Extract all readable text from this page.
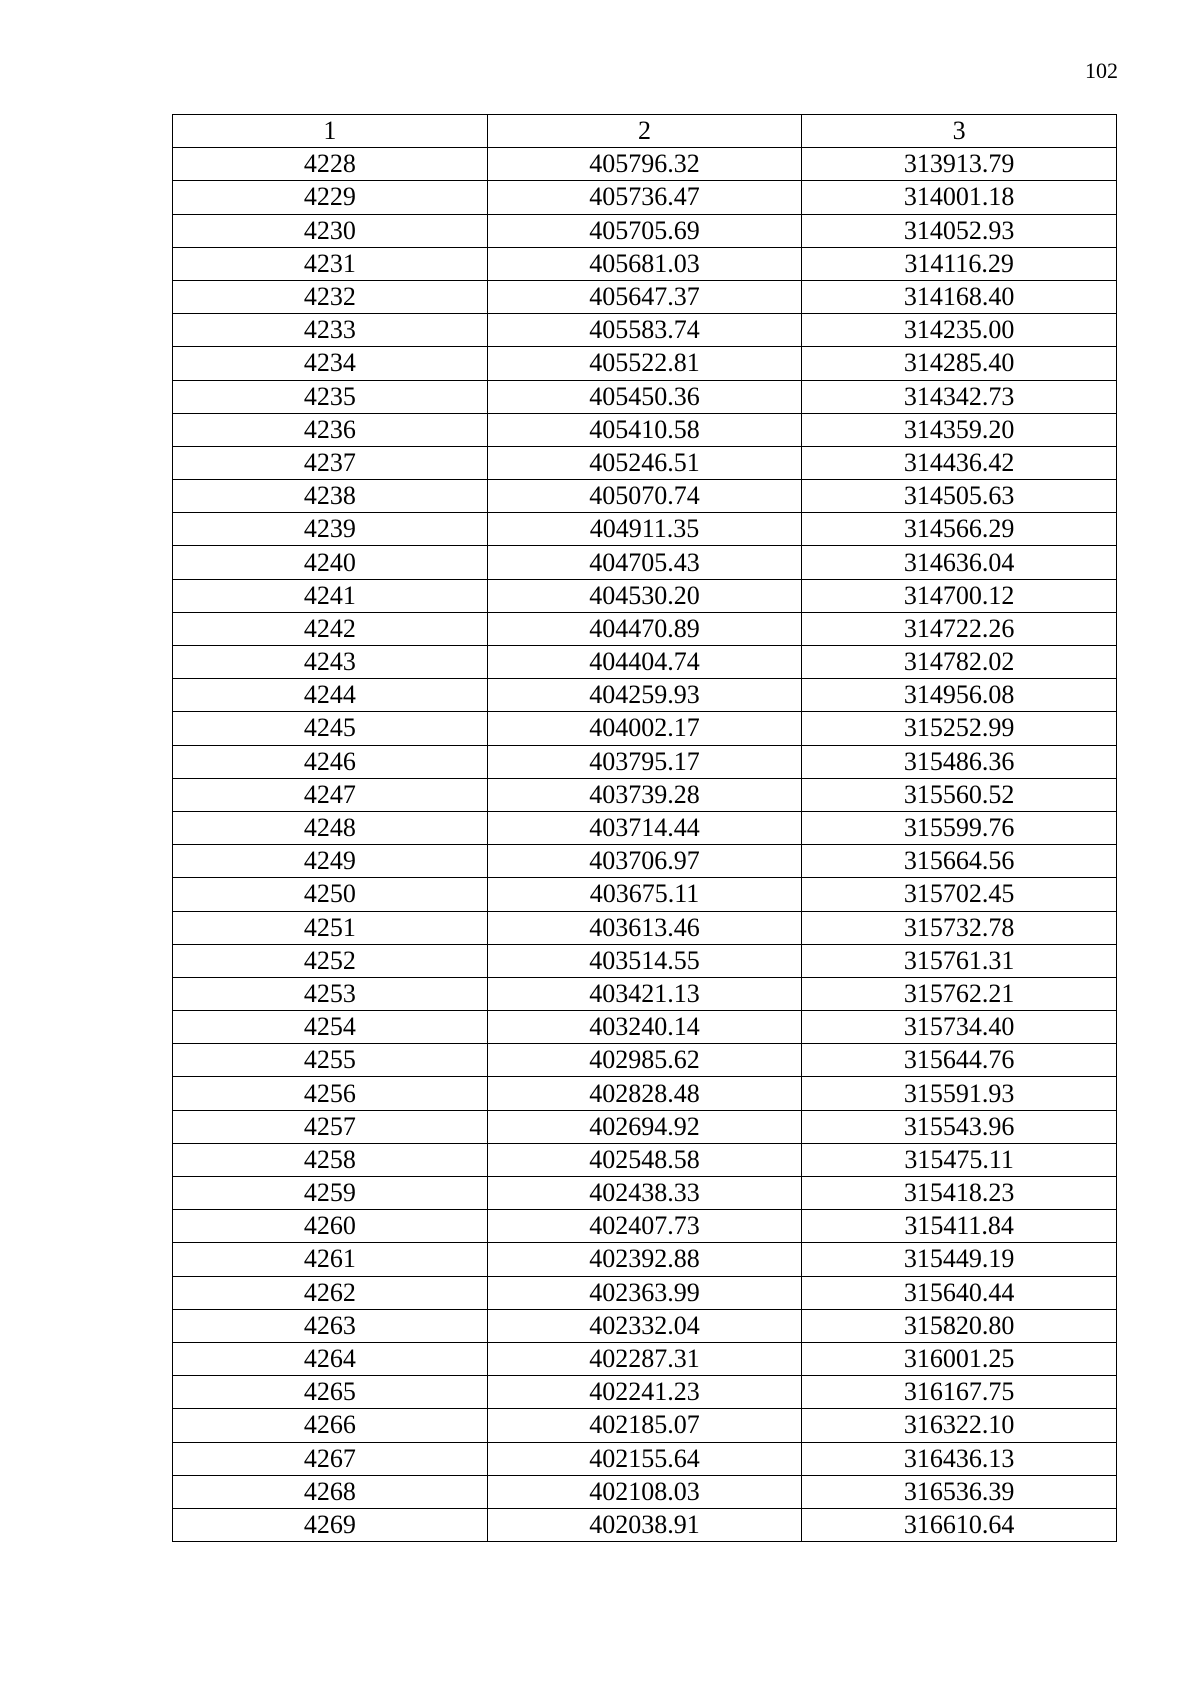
102
1	2	3
4228	405796.32	313913.79
4229	405736.47	314001.18
4230	405705.69	314052.93
4231	405681.03	314116.29
4232	405647.37	314168.40
4233	405583.74	314235.00
4234	405522.81	314285.40
4235	405450.36	314342.73
4236	405410.58	314359.20
4237	405246.51	314436.42
4238	405070.74	314505.63
4239	404911.35	314566.29
4240	404705.43	314636.04
4241	404530.20	314700.12
4242	404470.89	314722.26
4243	404404.74	314782.02
4244	404259.93	314956.08
4245	404002.17	315252.99
4246	403795.17	315486.36
4247	403739.28	315560.52
4248	403714.44	315599.76
4249	403706.97	315664.56
4250	403675.11	315702.45
4251	403613.46	315732.78
4252	403514.55	315761.31
4253	403421.13	315762.21
4254	403240.14	315734.40
4255	402985.62	315644.76
4256	402828.48	315591.93
4257	402694.92	315543.96
4258	402548.58	315475.11
4259	402438.33	315418.23
4260	402407.73	315411.84
4261	402392.88	315449.19
4262	402363.99	315640.44
4263	402332.04	315820.80
4264	402287.31	316001.25
4265	402241.23	316167.75
4266	402185.07	316322.10
4267	402155.64	316436.13
4268	402108.03	316536.39
4269	402038.91	316610.64
